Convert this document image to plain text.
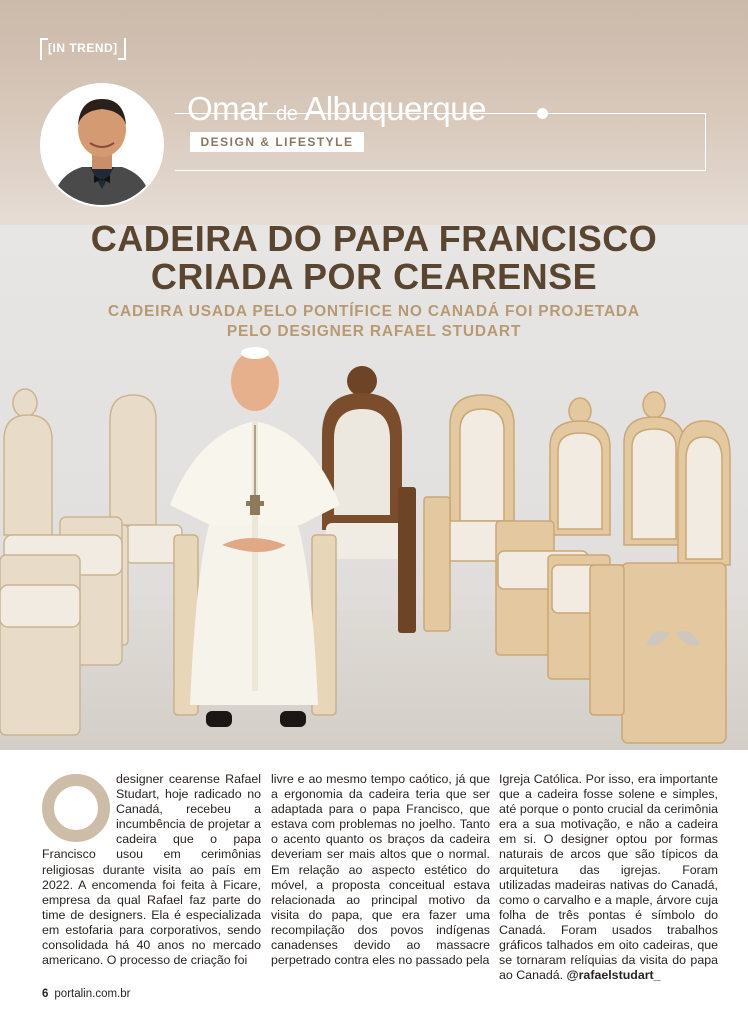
[IN TREND]
Omar de Albuquerque
DESIGN & LIFESTYLE
CADEIRA DO PAPA FRANCISCO
CRIADA POR CEARENSE
CADEIRA USADA PELO PONTÍFICE NO CANADÁ FOI PROJETADA
PELO DESIGNER RAFAEL STUDART

designer cearense Rafael Studart, hoje radicado no Canadá, recebeu a incumbência de projetar a cadeira que o papa Francisco usou em cerimônias religiosas durante visita ao país em 2022. A encomenda foi feita à Ficare, empresa da qual Rafael faz parte do time de designers. Ela é especializada em estofaria para corporativos, sendo consolidada há 40 anos no mercado americano. O processo de criação foi

livre e ao mesmo tempo caótico, já que a ergonomia da cadeira teria que ser adaptada para o papa Francisco, que estava com problemas no joelho. Tanto o acento quanto os braços da cadeira deveriam ser mais altos que o normal. Em relação ao aspecto estético do móvel, a proposta conceitual estava relacionada ao principal motivo da visita do papa, que era fazer uma recompilação dos povos indígenas canadenses devido ao massacre perpetrado contra eles no passado pela

Igreja Católica. Por isso, era importante que a cadeira fosse solene e simples, até porque o ponto crucial da cerimônia era a sua motivação, e não a cadeira em si. O designer optou por formas naturais de arcos que são típicos da arquitetura das igrejas. Foram utilizadas madeiras nativas do Canadá, como o carvalho e a maple, árvore cuja folha de três pontas é símbolo do Canadá. Foram usados trabalhos gráficos talhados em oito cadeiras, que se tornaram relíquias da visita do papa ao Canadá. @rafaelstudart_

6 portalin.com.br
